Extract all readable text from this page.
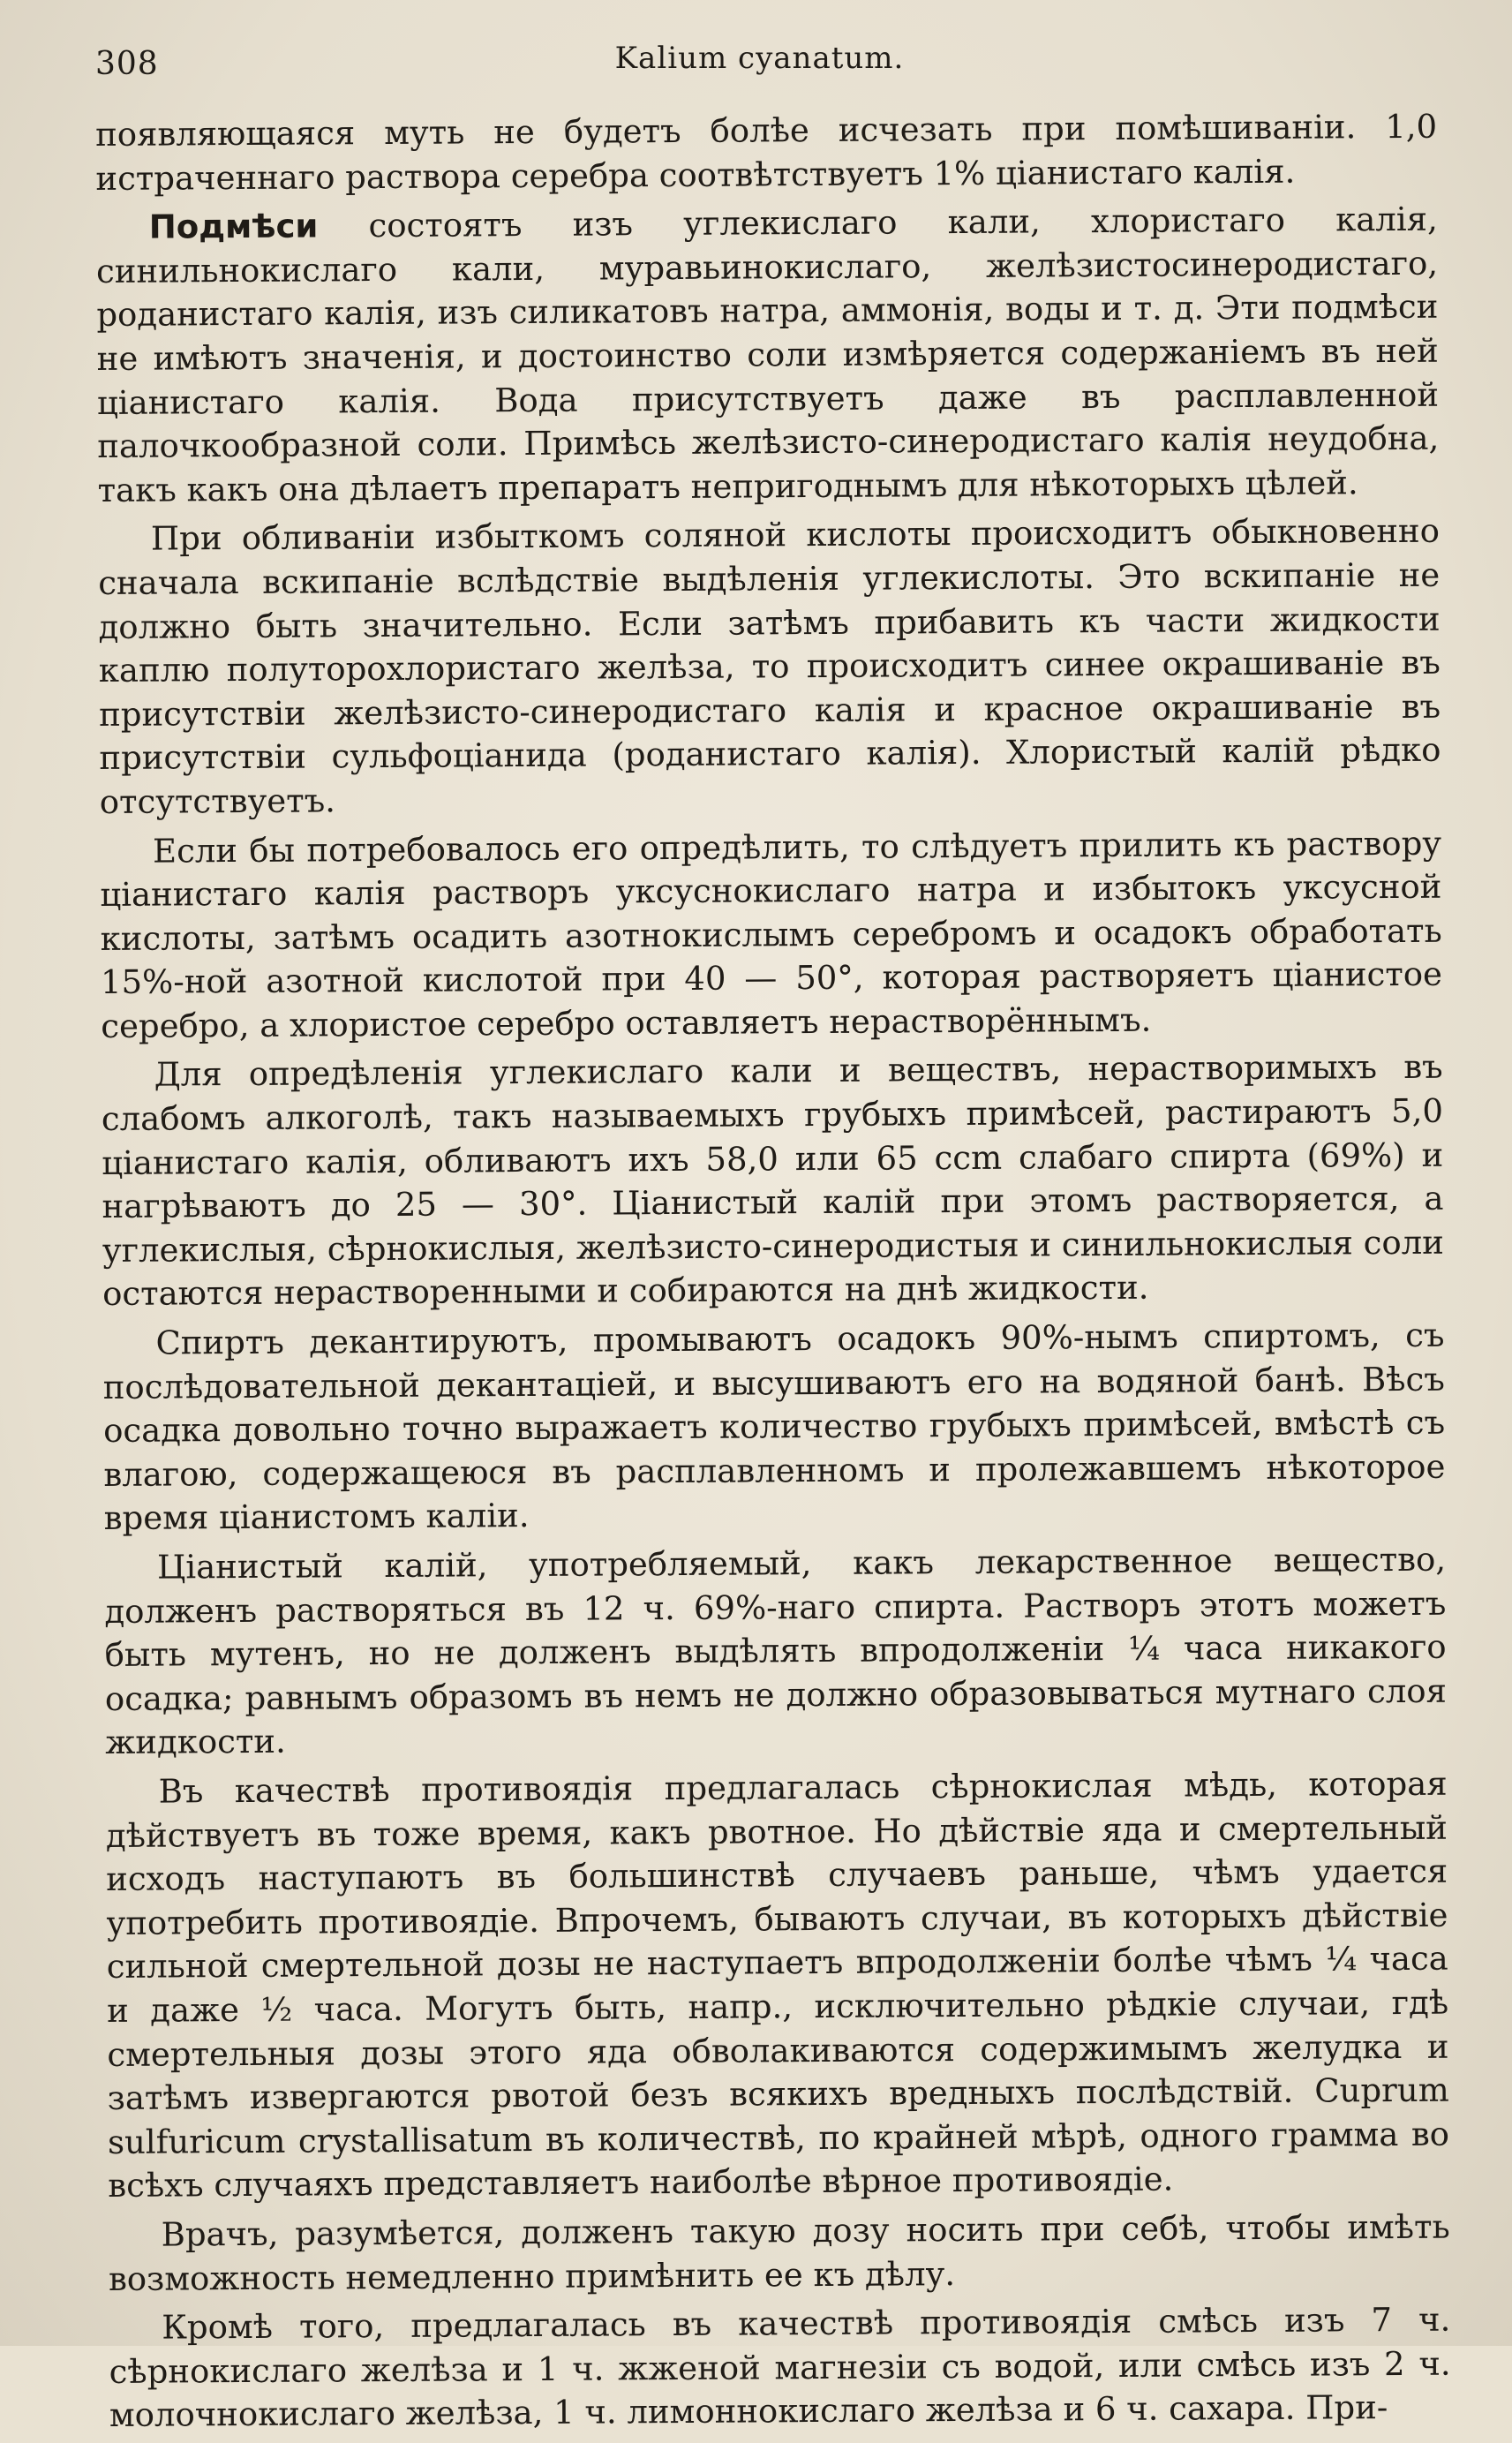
308	Kalium cyanatum.

появляющаяся муть не будетъ болѣе исчезать при помѣшиваніи. 1,0 истраченнаго раствора серебра соотвѣтствуетъ 1% ціанистаго калія.

Подмѣси состоятъ изъ углекислаго кали, хлористаго калія, синильнокислаго кали, муравьинокислаго, желѣзистосинеродистаго, роданистаго калія, изъ силикатовъ натра, аммонія, воды и т. д. Эти подмѣси не имѣютъ значенія, и достоинство соли измѣряется содержаніемъ въ ней ціанистаго калія. Вода присутствуетъ даже въ расплавленной палочкообразной соли. Примѣсь желѣзисто-синеродистаго калія неудобна, такъ какъ она дѣлаетъ препаратъ непригоднымъ для нѣкоторыхъ цѣлей.

При обливаніи избыткомъ соляной кислоты происходитъ обыкновенно сначала вскипаніе вслѣдствіе выдѣленія углекислоты. Это вскипаніе не должно быть значительно. Если затѣмъ прибавить къ части жидкости каплю полуторохлористаго желѣза, то происходитъ синее окрашиваніе въ присутствіи желѣзисто-синеродистаго калія и красное окрашиваніе въ присутствіи сульфоціанида (роданистаго калія). Хлористый калій рѣдко отсутствуетъ.

Если бы потребовалось его опредѣлить, то слѣдуетъ прилить къ раствору ціанистаго калія растворъ уксуснокислаго натра и избытокъ уксусной кислоты, затѣмъ осадить азотнокислымъ серебромъ и осадокъ обработать 15%-ной азотной кислотой при 40 — 50°, которая растворяетъ ціанистое серебро, а хлористое серебро оставляетъ нерастворённымъ.

Для опредѣленія углекислаго кали и веществъ, нерастворимыхъ въ слабомъ алкоголѣ, такъ называемыхъ грубыхъ примѣсей, растираютъ 5,0 ціанистаго калія, обливаютъ ихъ 58,0 или 65 ccm слабаго спирта (69%) и нагрѣваютъ до 25 — 30°. Ціанистый калій при этомъ растворяется, а углекислыя, сѣрнокислыя, желѣзисто-синеродистыя и синильнокислыя соли остаются нерастворенными и собираются на днѣ жидкости.

Спиртъ декантируютъ, промываютъ осадокъ 90%-нымъ спиртомъ, съ послѣдовательной декантаціей, и высушиваютъ его на водяной банѣ. Вѣсъ осадка довольно точно выражаетъ количество грубыхъ примѣсей, вмѣстѣ съ влагою, содержащеюся въ расплавленномъ и пролежавшемъ нѣкоторое время ціанистомъ каліи.

Ціанистый калій, употребляемый, какъ лекарственное вещество, долженъ растворяться въ 12 ч. 69%-наго спирта. Растворъ этотъ можетъ быть мутенъ, но не долженъ выдѣлять впродолженіи ¼ часа никакого осадка; равнымъ образомъ въ немъ не должно образовываться мутнаго слоя жидкости.

Въ качествѣ противоядія предлагалась сѣрнокислая мѣдь, которая дѣйствуетъ въ тоже время, какъ рвотное. Но дѣйствіе яда и смертельный исходъ наступаютъ въ большинствѣ случаевъ раньше, чѣмъ удается употребить противоядіе. Впрочемъ, бываютъ случаи, въ которыхъ дѣйствіе сильной смертельной дозы не наступаетъ впродолженіи болѣе чѣмъ ¼ часа и даже ½ часа. Могутъ быть, напр., исключительно рѣдкіе случаи, гдѣ смертельныя дозы этого яда обволакиваются содержимымъ желудка и затѣмъ извергаются рвотой безъ всякихъ вредныхъ послѣдствій. Cuprum sulfuricum crystallisatum въ количествѣ, по крайней мѣрѣ, одного грамма во всѣхъ случаяхъ представляетъ наиболѣе вѣрное противоядіе.

Врачъ, разумѣется, долженъ такую дозу носить при себѣ, чтобы имѣть возможность немедленно примѣнить ее къ дѣлу.

Кромѣ того, предлагалась въ качествѣ противоядія смѣсь изъ 7 ч. сѣрнокислаго желѣза и 1 ч. жженой магнезіи съ водой, или смѣсь изъ 2 ч. молочнокислаго желѣза, 1 ч. лимоннокислаго желѣза и 6 ч. сахара. При-
